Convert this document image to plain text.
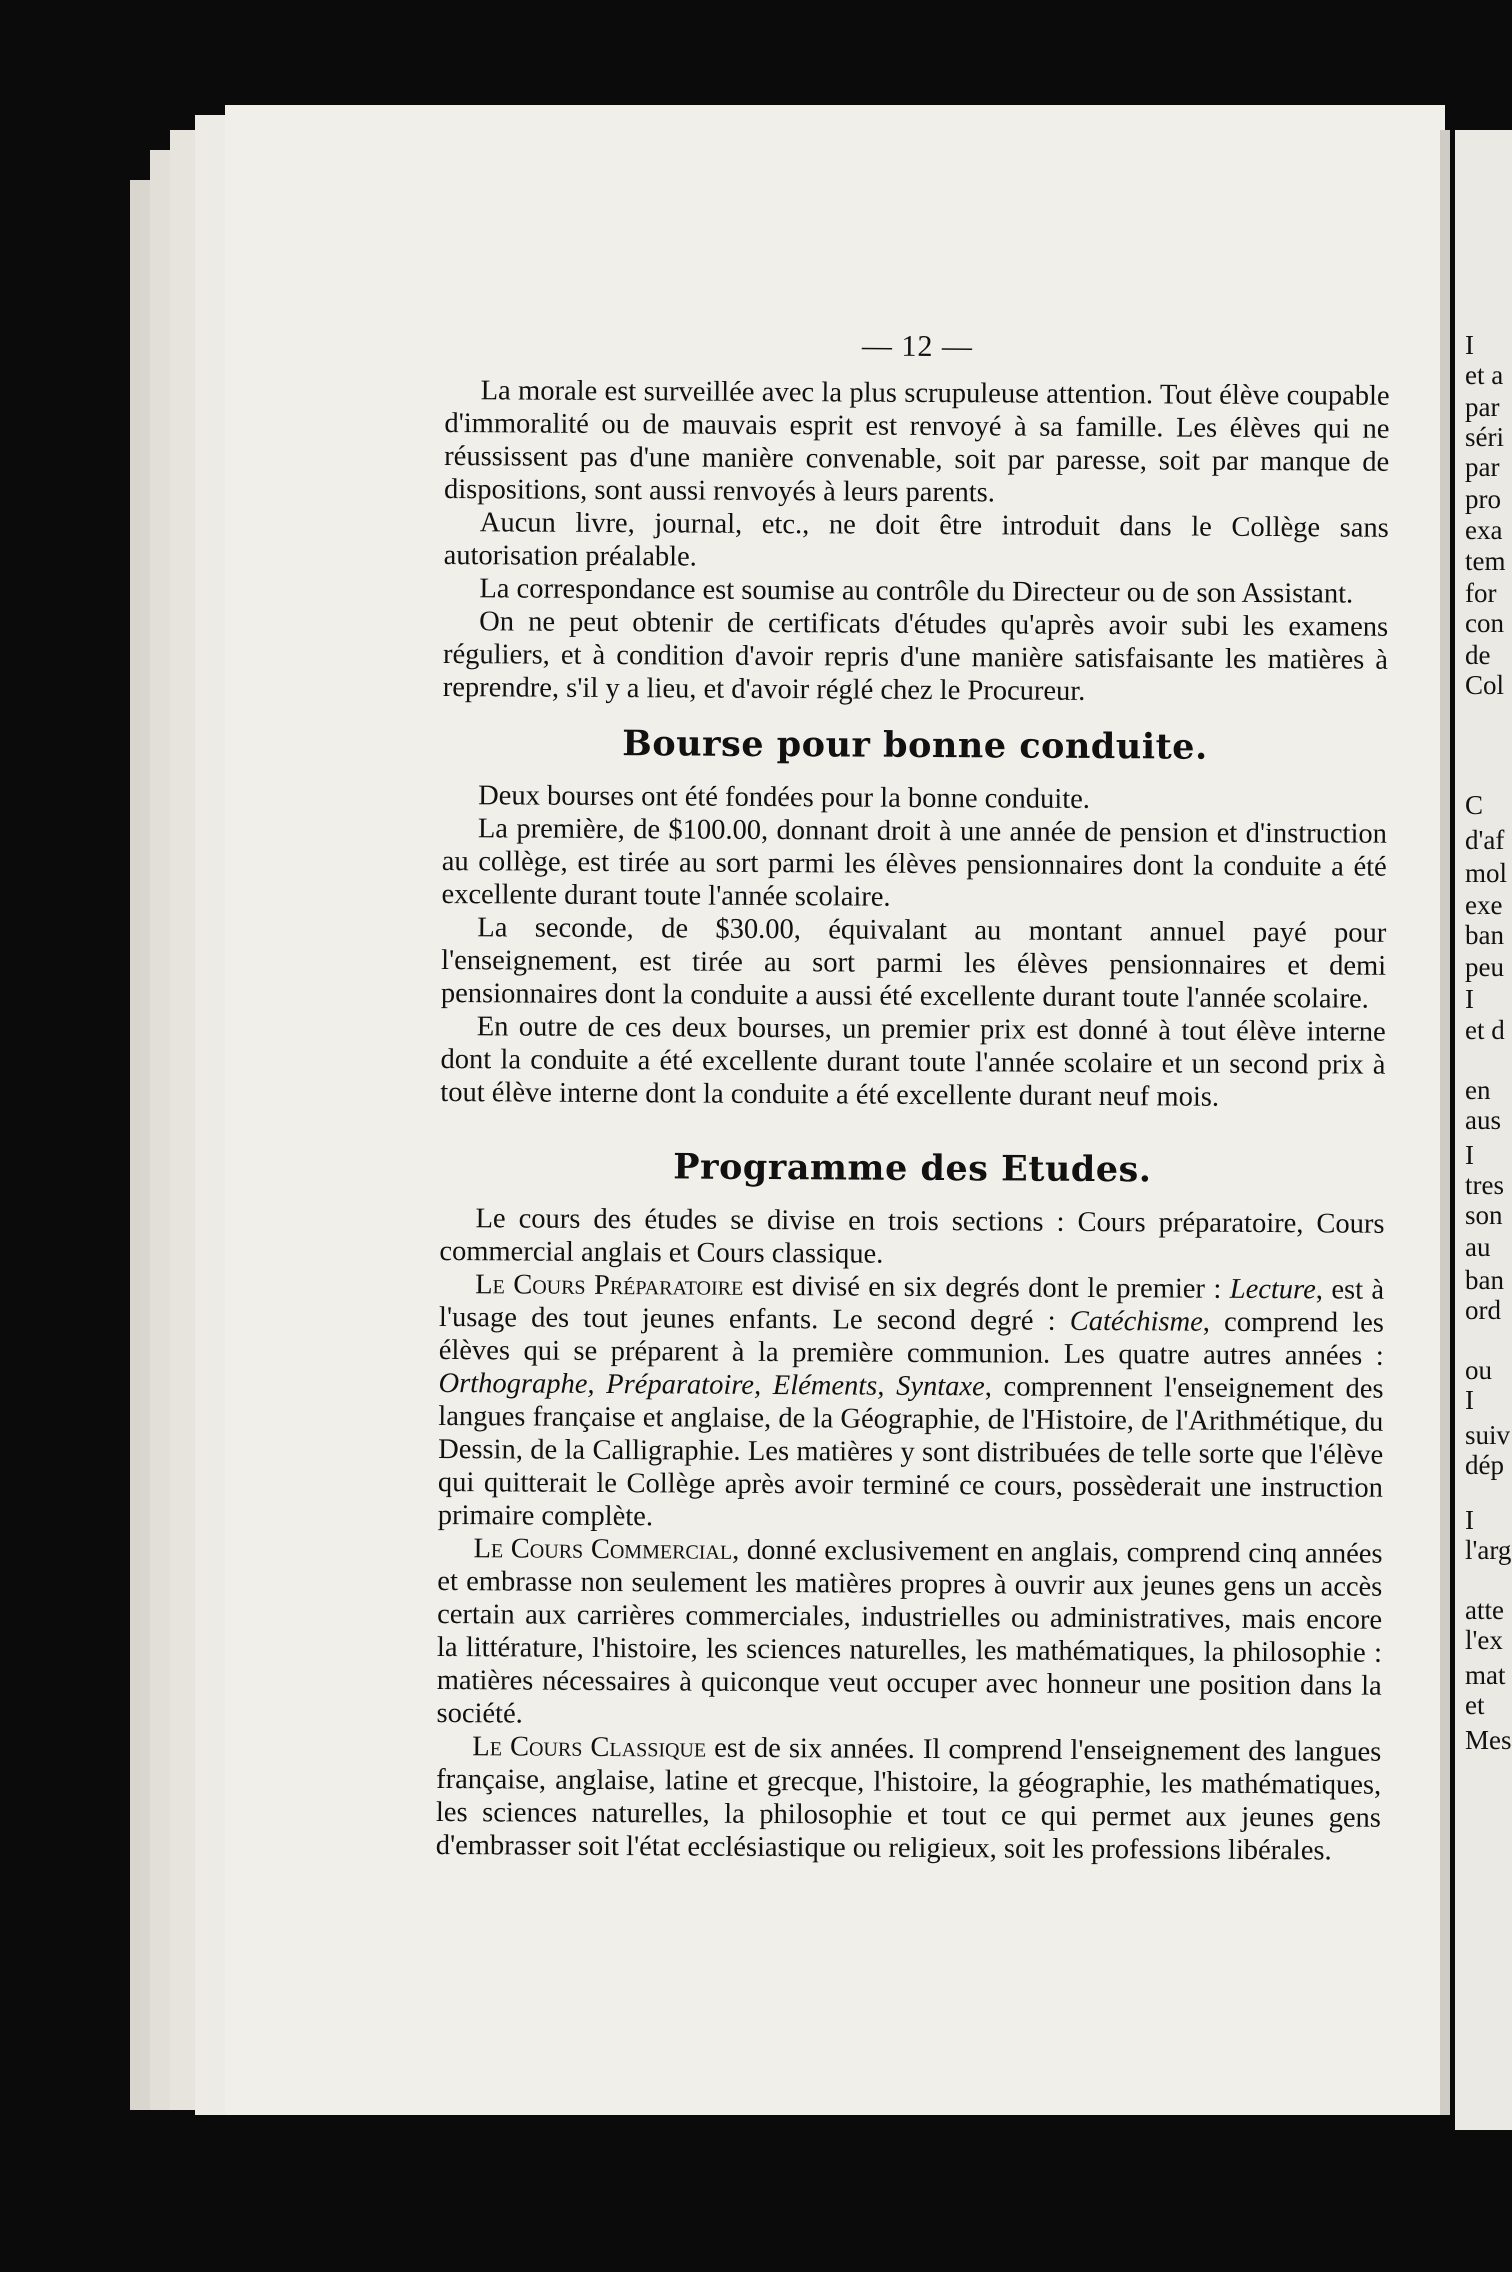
I
et a
par
séri
par
pro
exa
tem
for
con
de
Col
C
d'af
mol
exe
ban
peu
I
et d
en
aus
I
tres
son
au
ban
ord
ou
I
suiv
dép
I
l'arg
atte
l'ex
mat
et
Mes
— 12 —

La morale est surveillée avec la plus scrupuleuse attention. Tout élève coupable d'immoralité ou de mauvais esprit est renvoyé à sa famille. Les élèves qui ne réussissent pas d'une manière convenable, soit par paresse, soit par manque de dispositions, sont aussi renvoyés à leurs parents.

Aucun livre, journal, etc., ne doit être introduit dans le Collège sans autorisation préalable.

La correspondance est soumise au contrôle du Directeur ou de son Assistant.

On ne peut obtenir de certificats d'études qu'après avoir subi les examens réguliers, et à condition d'avoir repris d'une manière satisfaisante les matières à reprendre, s'il y a lieu, et d'avoir réglé chez le Procureur.

Bourse pour bonne conduite.

Deux bourses ont été fondées pour la bonne conduite.

La première, de $100.00, donnant droit à une année de pension et d'instruction au collège, est tirée au sort parmi les élèves pensionnaires dont la conduite a été excellente durant toute l'année scolaire.

La seconde, de $30.00, équivalant au montant annuel payé pour l'enseignement, est tirée au sort parmi les élèves pensionnaires et demi pensionnaires dont la conduite a aussi été excellente durant toute l'année scolaire.

En outre de ces deux bourses, un premier prix est donné à tout élève interne dont la conduite a été excellente durant toute l'année scolaire et un second prix à tout élève interne dont la conduite a été excellente durant neuf mois.

Programme des Etudes.

Le cours des études se divise en trois sections : Cours préparatoire, Cours commercial anglais et Cours classique.

Le Cours Préparatoire est divisé en six degrés dont le premier : Lecture, est à l'usage des tout jeunes enfants. Le second degré : Catéchisme, comprend les élèves qui se préparent à la première communion. Les quatre autres années : Orthographe, Préparatoire, Eléments, Syntaxe, comprennent l'enseignement des langues française et anglaise, de la Géographie, de l'Histoire, de l'Arithmétique, du Dessin, de la Calligraphie. Les matières y sont distribuées de telle sorte que l'élève qui quitterait le Collège après avoir terminé ce cours, possèderait une instruction primaire complète.

Le Cours Commercial, donné exclusivement en anglais, comprend cinq années et embrasse non seulement les matières propres à ouvrir aux jeunes gens un accès certain aux carrières commerciales, industrielles ou administratives, mais encore la littérature, l'histoire, les sciences naturelles, les mathématiques, la philosophie : matières nécessaires à quiconque veut occuper avec honneur une position dans la société.

Le Cours Classique est de six années. Il comprend l'enseignement des langues française, anglaise, latine et grecque, l'histoire, la géographie, les mathématiques, les sciences naturelles, la philosophie et tout ce qui permet aux jeunes gens d'embrasser soit l'état ecclésiastique ou religieux, soit les professions libérales.
